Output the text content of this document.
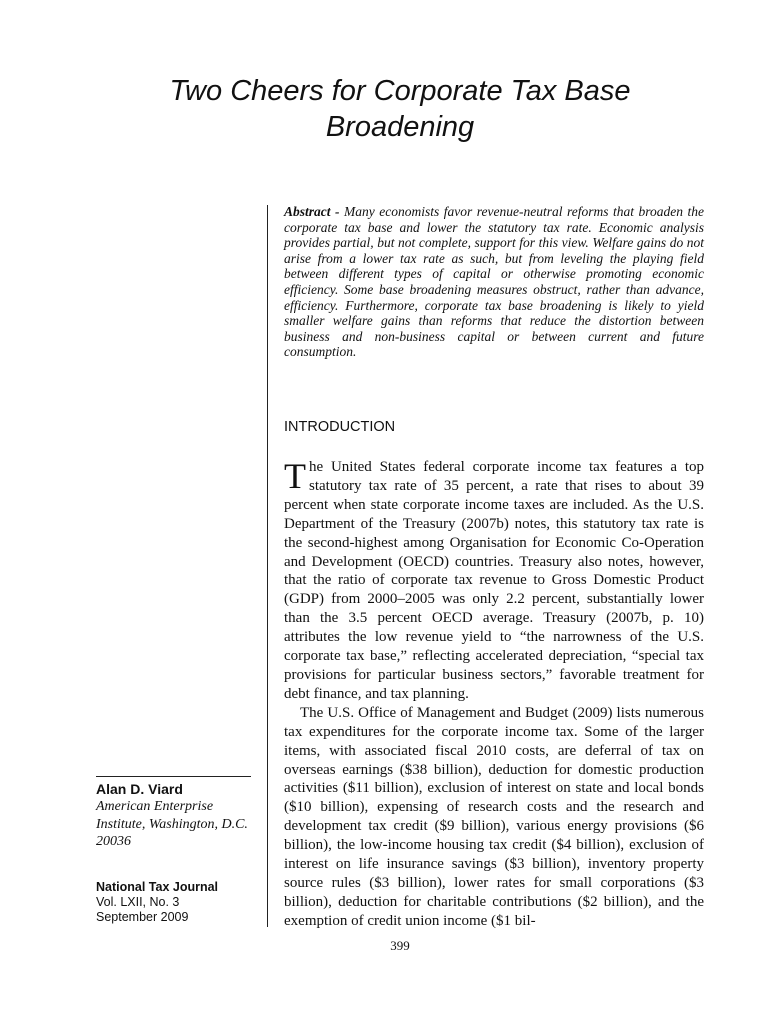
Two Cheers for Corporate Tax Base Broadening

Abstract - Many economists favor revenue-neutral reforms that broaden the corporate tax base and lower the statutory tax rate. Economic analysis provides partial, but not complete, support for this view. Welfare gains do not arise from a lower tax rate as such, but from leveling the playing field between different types of capital or otherwise promoting economic efficiency. Some base broadening measures obstruct, rather than advance, efficiency. Furthermore, corporate tax base broadening is likely to yield smaller welfare gains than reforms that reduce the distortion between business and non-business capital or between current and future consumption.

INTRODUCTION

The United States federal corporate income tax features a top statutory tax rate of 35 percent, a rate that rises to about 39 percent when state corporate income taxes are included. As the U.S. Department of the Treasury (2007b) notes, this statutory tax rate is the second-highest among Organisation for Economic Co-Operation and Development (OECD) countries. Treasury also notes, however, that the ratio of corporate tax revenue to Gross Domestic Product (GDP) from 2000–2005 was only 2.2 percent, substantially lower than the 3.5 percent OECD average. Treasury (2007b, p. 10) attributes the low revenue yield to “the narrowness of the U.S. corporate tax base,” reflecting accelerated depreciation, “special tax provisions for particular business sectors,” favorable treatment for debt finance, and tax planning.

The U.S. Office of Management and Budget (2009) lists numerous tax expenditures for the corporate income tax. Some of the larger items, with associated fiscal 2010 costs, are deferral of tax on overseas earnings ($38 billion), deduction for domestic production activities ($11 billion), exclusion of interest on state and local bonds ($10 billion), expensing of research costs and the research and development tax credit ($9 billion), various energy provisions ($6 billion), the low-income housing tax credit ($4 billion), exclusion of interest on life insurance savings ($3 billion), inventory property source rules ($3 billion), lower rates for small corporations ($3 billion), deduction for charitable contributions ($2 billion), and the exemption of credit union income ($1 bil-

Alan D. Viard
American Enterprise Institute, Washington, D.C. 20036
National Tax Journal
Vol. LXII, No. 3
September 2009
399
